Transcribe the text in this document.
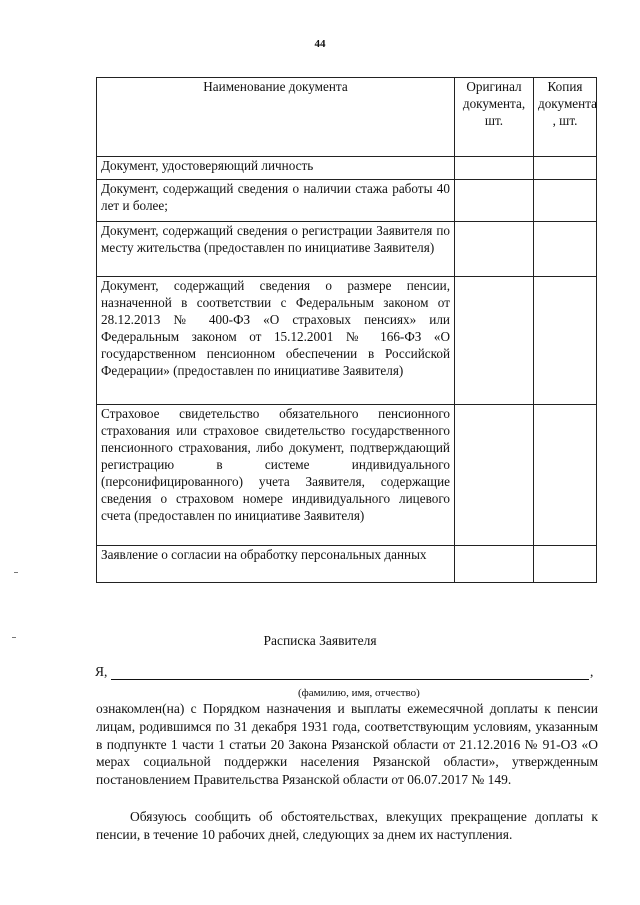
44
Наименование документа	Оригинал документа, шт.	Копия документа , шт.
Документ, удостоверяющий личность		
Документ, содержащий сведения о наличии стажа работы 40 лет и более;		
Документ, содержащий сведения о регистрации Заявителя по месту жительства (предоставлен по инициативе Заявителя)		
Документ, содержащий сведения о размере пенсии, назначенной в соответствии с Федеральным законом от 28.12.2013 № 400-ФЗ «О страховых пенсиях» или Федеральным законом от 15.12.2001 № 166-ФЗ «О государственном пенсионном обеспечении в Российской Федерации» (предоставлен по инициативе Заявителя)		
Страховое свидетельство обязательного пенсионного страхования или страховое свидетельство государственного пенсионного страхования, либо документ, подтверждающий регистрацию в системе индивидуального (персонифицированного) учета Заявителя, содержащие сведения о страховом номере индивидуального лицевого счета (предоставлен по инициативе Заявителя)		
Заявление о согласии на обработку персональных данных		
Расписка Заявителя
Я,	,
(фамилию, имя, отчество)

ознакомлен(на) с Порядком назначения и выплаты ежемесячной доплаты к пенсии лицам, родившимся по 31 декабря 1931 года, соответствующим условиям, указанным в подпункте 1 части 1 статьи 20 Закона Рязанской области от 21.12.2016 № 91-ОЗ «О мерах социальной поддержки населения Рязанской области», утвержденным постановлением Правительства Рязанской области от 06.07.2017 № 149.

Обязуюсь сообщить об обстоятельствах, влекущих прекращение доплаты к пенсии, в течение 10 рабочих дней, следующих за днем их наступления.
